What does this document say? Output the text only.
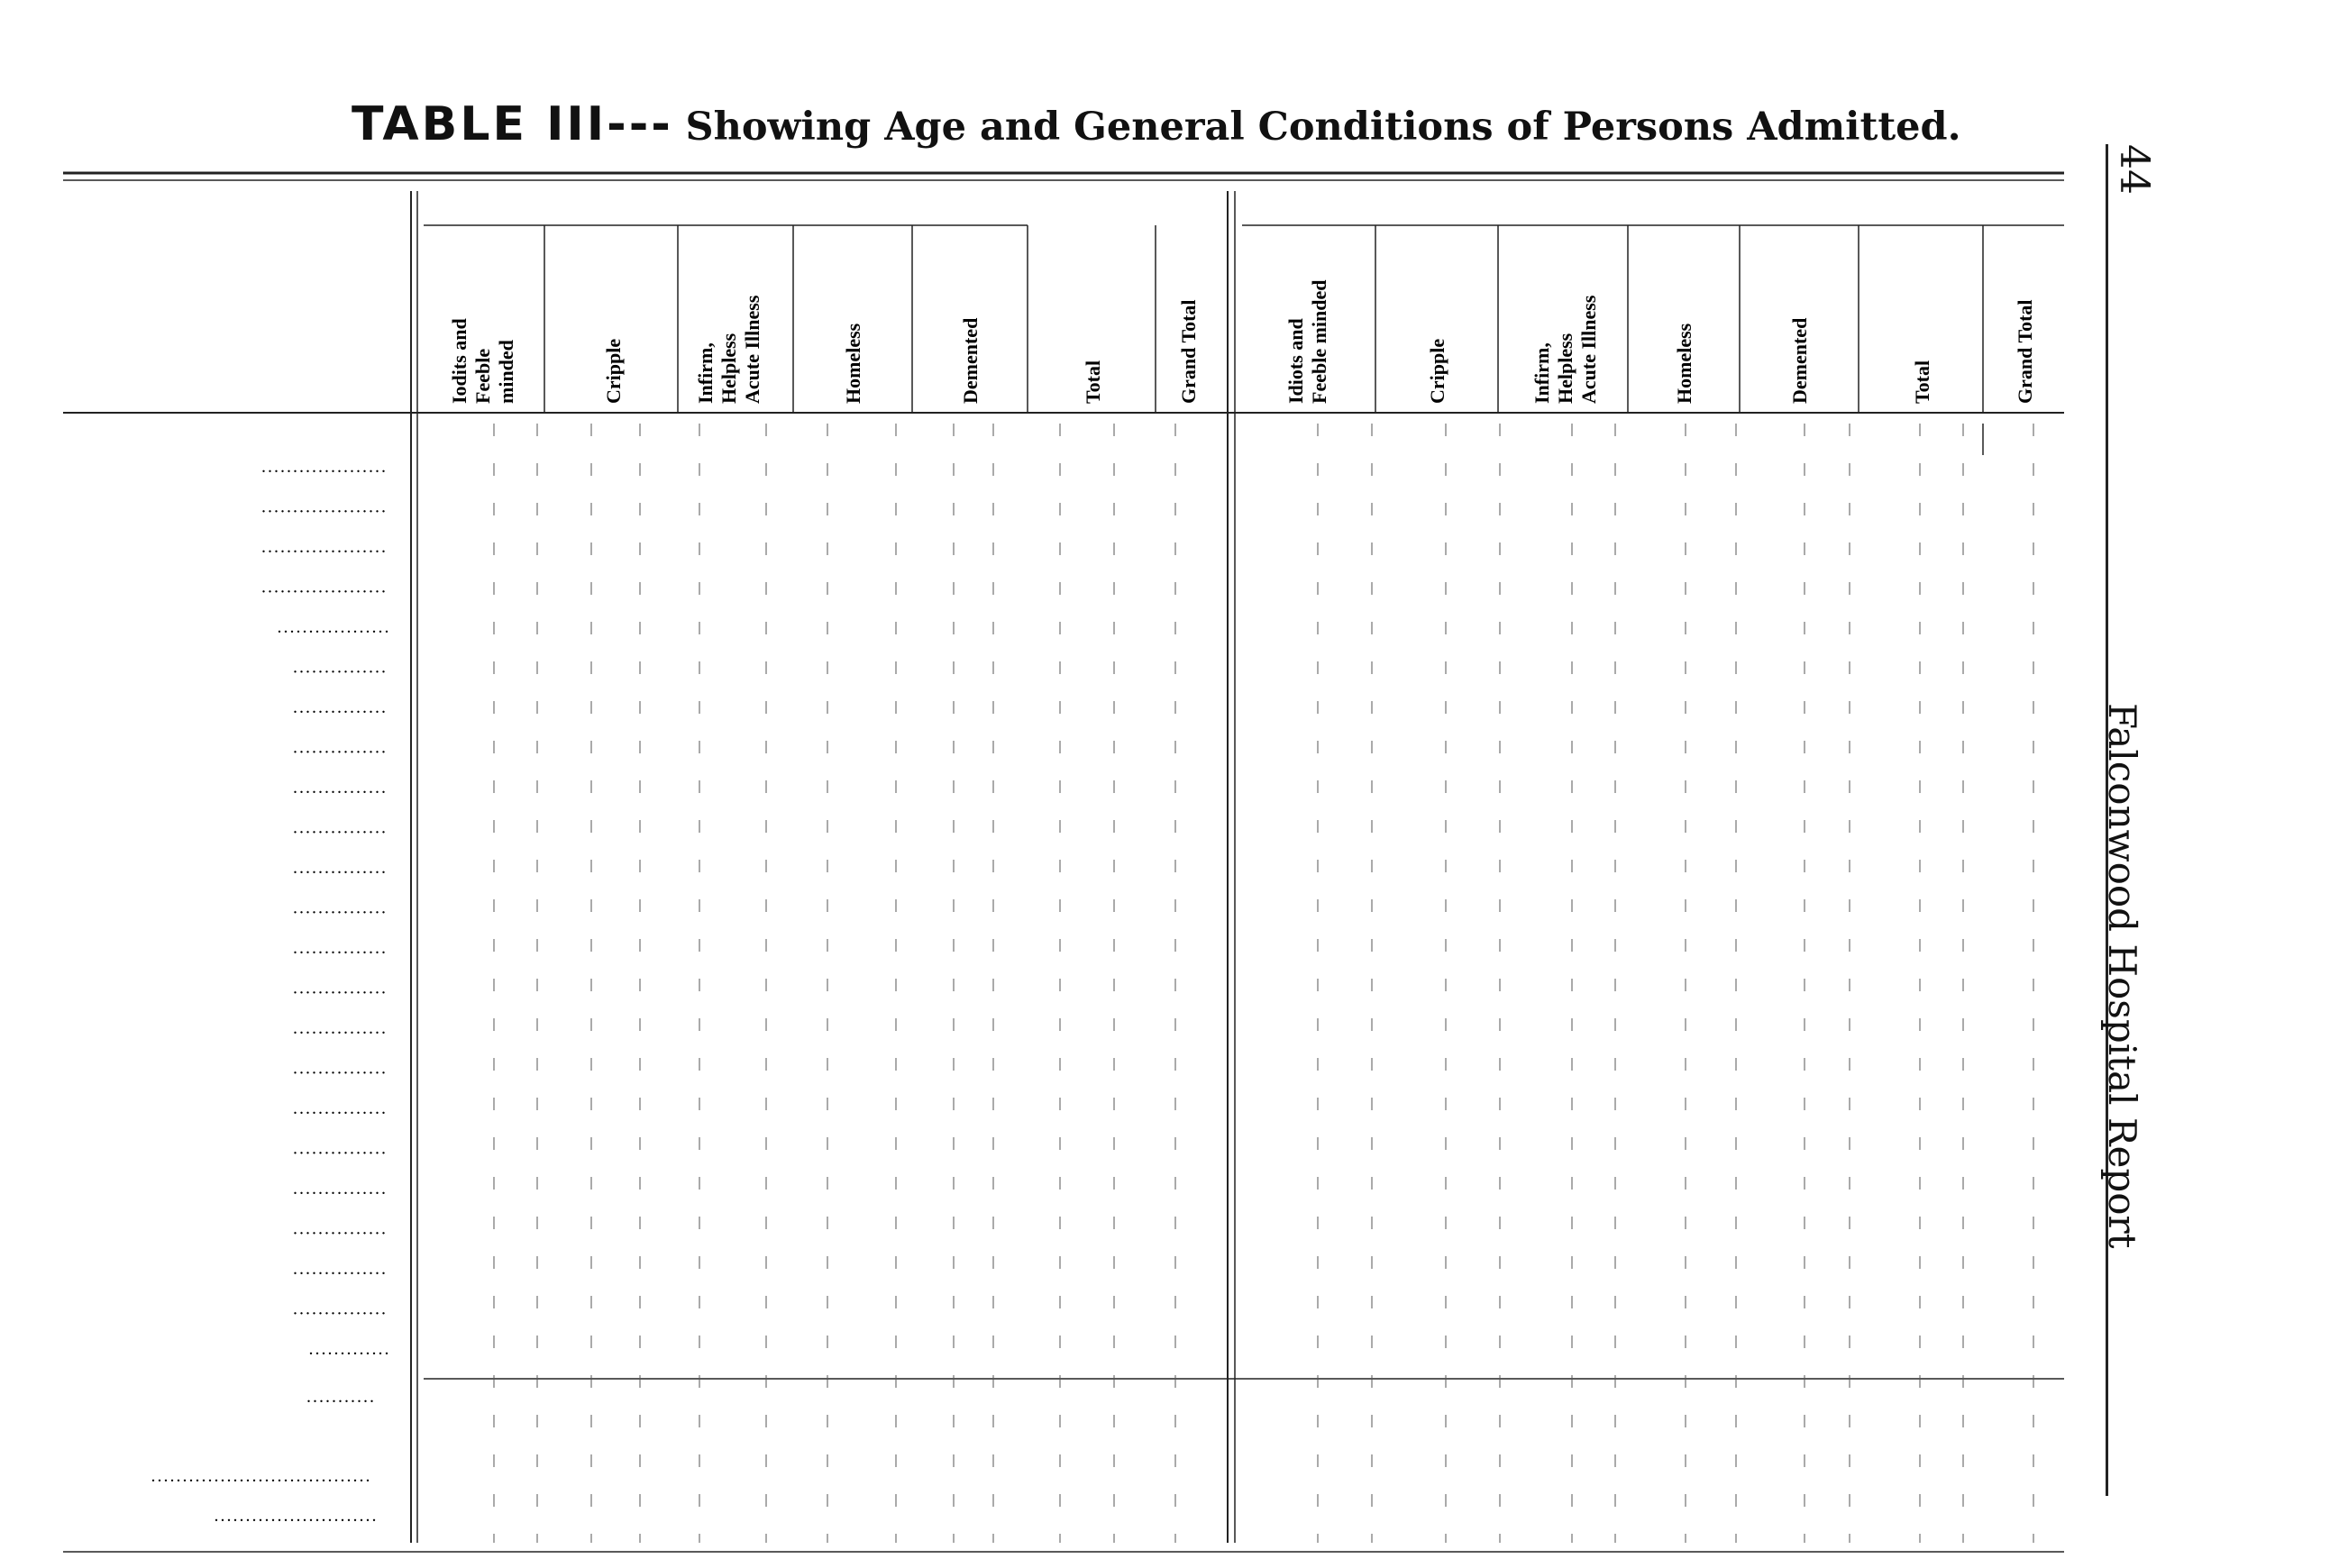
TABLE III--- Showing Age and General Conditions of Persons Admitted.
44
Falconwood Hospital Report
Iodits and Feeble minded	Cripple	Infirm, Helpless Acute Illness	Homeless	Demented	Total	Grand Total	Idiots and Feeble minded	Cripple	Infirm, Helpless Acute Illness	Homeless	Demented	Total	Grand Total
....................
....................
....................
....................
..................
...............
...............
...............
...............
...............
...............
...............
...............
...............
...............
...............
...............
...............
...............
...............
...............
...............
.............
...........
...................................
..........................
